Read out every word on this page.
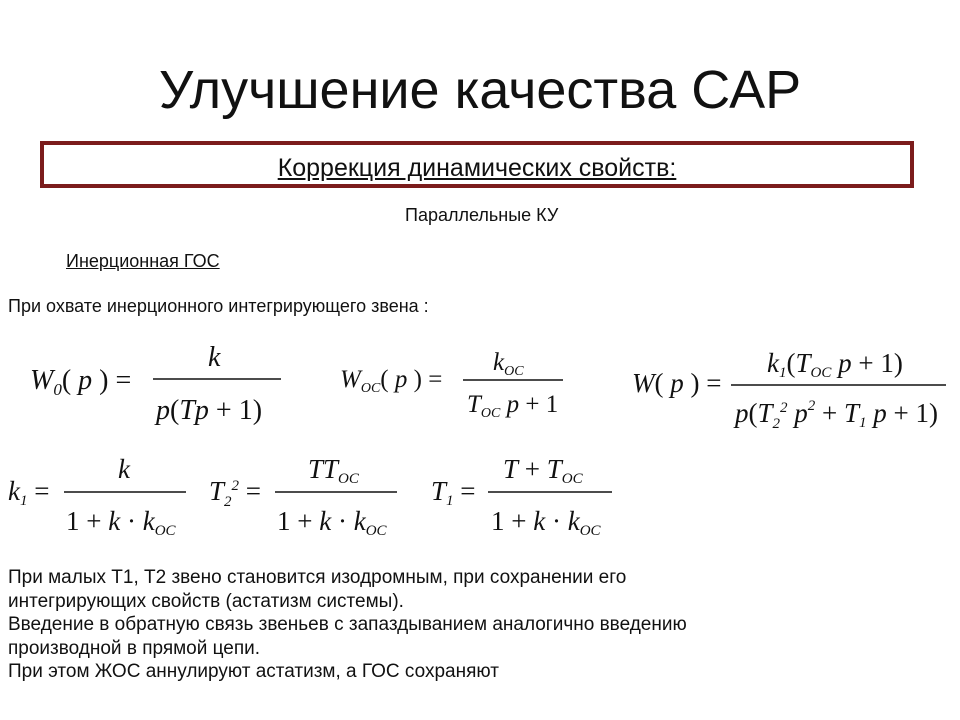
Улучшение качества САР
Коррекция динамических свойств:
Параллельные КУ
Инерционная ГОС
При охвате инерционного интегрирующего звена :
$W_0$( p ) =
k
p(Tp + 1)
$W_{OC}$( p ) =
$k_{OC}$
$T_{OC}$ p + 1
W( p ) =
k1(TOC p + 1)
$p(T_2^2$ $p^2 + T1$ p + 1)
k1 =
k
1 + k · kOC
$T_2^2$ =
TTOC
1 + k · kOC
T1 =
T + TOC
1 + k · kOC

При малых Т1, Т2 звено становится изодромным, при сохранении его

интегрирующих свойств (астатизм системы).

Введение в обратную связь звеньев с запаздыванием аналогично введению

производной в прямой цепи.

При этом ЖОС аннулируют астатизм, а ГОС сохраняют
